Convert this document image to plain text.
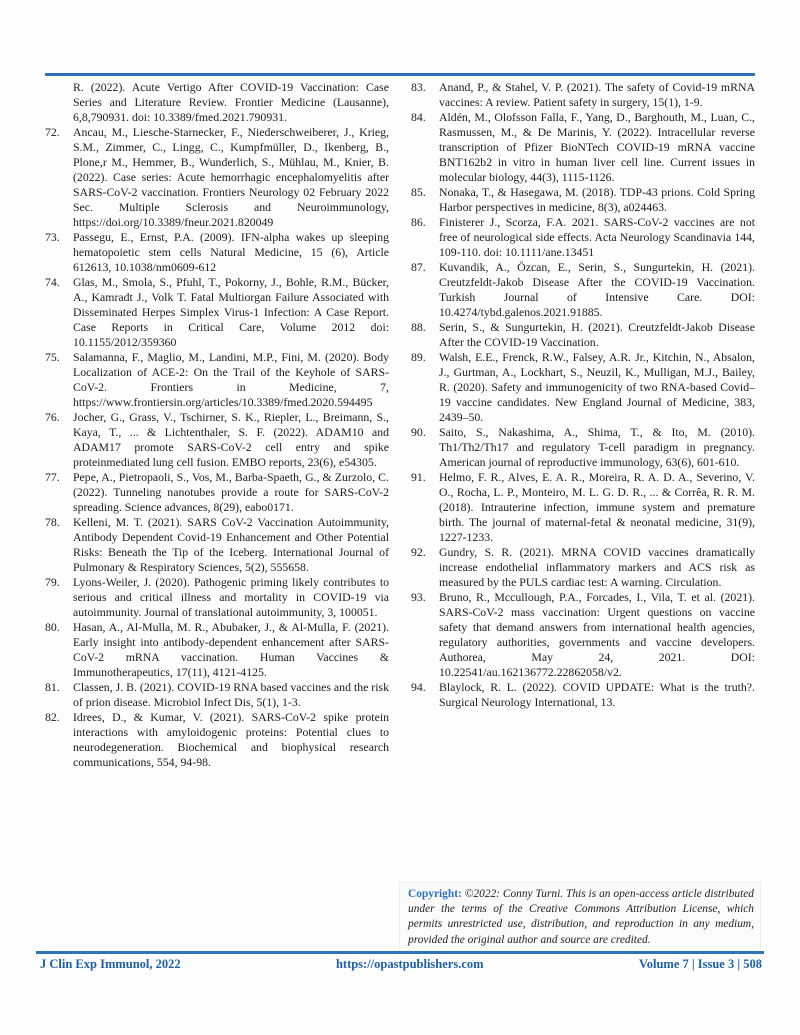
R. (2022). Acute Vertigo After COVID-19 Vaccination: Case Series and Literature Review. Frontier Medicine (Lausanne), 6,8,790931. doi: 10.3389/fmed.2021.790931.
72.	Ancau, M., Liesche-Starnecker, F., Niederschweiberer, J., Krieg, S.M., Zimmer, C., Lingg, C., Kumpfmüller, D., Ikenberg, B., Plone,r M., Hemmer, B., Wunderlich, S., Mühlau, M., Knier, B. (2022). Case series: Acute hemorrhagic encephalomyelitis after SARS-CoV-2 vaccination. Frontiers Neurology 02 February 2022 Sec. Multiple Sclerosis and Neuroimmunology, https://doi.org/10.3389/fneur.2021.820049
73.	Passegu, E., Ernst, P.A. (2009). IFN-alpha wakes up sleeping hematopoietic stem cells Natural Medicine, 15 (6), Article 612613, 10.1038/nm0609-612
74.	Glas, M., Smola, S., Pfuhl, T., Pokorny, J., Bohle, R.M., Bücker, A., Kamradt J., Volk T. Fatal Multiorgan Failure Associated with Disseminated Herpes Simplex Virus-1 Infection: A Case Report. Case Reports in Critical Care, Volume 2012 doi: 10.1155/2012/359360
75.	Salamanna, F., Maglio, M., Landini, M.P., Fini, M. (2020). Body Localization of ACE-2: On the Trail of the Keyhole of SARS-CoV-2. Frontiers in Medicine, 7, https://www.frontiersin.org/articles/10.3389/fmed.2020.594495
76.	Jocher, G., Grass, V., Tschirner, S. K., Riepler, L., Breimann, S., Kaya, T., ... & Lichtenthaler, S. F. (2022). ADAM10 and ADAM17 promote SARS-CoV-2 cell entry and spike proteinmediated lung cell fusion. EMBO reports, 23(6), e54305.
77.	Pepe, A., Pietropaoli, S., Vos, M., Barba-Spaeth, G., & Zurzolo, C. (2022). Tunneling nanotubes provide a route for SARS-CoV-2 spreading. Science advances, 8(29), eabo0171.
78.	Kelleni, M. T. (2021). SARS CoV-2 Vaccination Autoimmunity, Antibody Dependent Covid-19 Enhancement and Other Potential Risks: Beneath the Tip of the Iceberg. International Journal of Pulmonary & Respiratory Sciences, 5(2), 555658.
79.	Lyons-Weiler, J. (2020). Pathogenic priming likely contributes to serious and critical illness and mortality in COVID-19 via autoimmunity. Journal of translational autoimmunity, 3, 100051.
80.	Hasan, A., Al-Mulla, M. R., Abubaker, J., & Al-Mulla, F. (2021). Early insight into antibody-dependent enhancement after SARS-CoV-2 mRNA vaccination. Human Vaccines & Immunotherapeutics, 17(11), 4121-4125.
81.	Classen, J. B. (2021). COVID-19 RNA based vaccines and the risk of prion disease. Microbiol Infect Dis, 5(1), 1-3.
82.	Idrees, D., & Kumar, V. (2021). SARS-CoV-2 spike protein interactions with amyloidogenic proteins: Potential clues to neurodegeneration. Biochemical and biophysical research communications, 554, 94-98.
83.	Anand, P., & Stahel, V. P. (2021). The safety of Covid-19 mRNA vaccines: A review. Patient safety in surgery, 15(1), 1-9.
84.	Aldén, M., Olofsson Falla, F., Yang, D., Barghouth, M., Luan, C., Rasmussen, M., & De Marinis, Y. (2022). Intracellular reverse transcription of Pfizer BioNTech COVID-19 mRNA vaccine BNT162b2 in vitro in human liver cell line. Current issues in molecular biology, 44(3), 1115-1126.
85.	Nonaka, T., & Hasegawa, M. (2018). TDP-43 prions. Cold Spring Harbor perspectives in medicine, 8(3), a024463.
86.	Finisterer J., Scorza, F.A. 2021. SARS-CoV-2 vaccines are not free of neurological side effects. Acta Neurology Scandinavia 144, 109-110. doi: 10.1111/ane.13451
87.	Kuvandik, A., Özcan, E., Serin, S., Sungurtekin, H. (2021). Creutzfeldt-Jakob Disease After the COVID-19 Vaccination. Turkish Journal of Intensive Care. DOI: 10.4274/tybd.galenos.2021.91885.
88.	Serin, S., & Sungurtekin, H. (2021). Creutzfeldt-Jakob Disease After the COVID-19 Vaccination.
89.	Walsh, E.E., Frenck, R.W., Falsey, A.R. Jr., Kitchin, N., Absalon, J., Gurtman, A., Lockhart, S., Neuzil, K., Mulligan, M.J., Bailey, R. (2020). Safety and immunogenicity of two RNA-based Covid–19 vaccine candidates. New England Journal of Medicine, 383, 2439–50.
90.	Saito, S., Nakashima, A., Shima, T., & Ito, M. (2010). Th1/Th2/Th17 and regulatory T-cell paradigm in pregnancy. American journal of reproductive immunology, 63(6), 601-610.
91.	Helmo, F. R., Alves, E. A. R., Moreira, R. A. D. A., Severino, V. O., Rocha, L. P., Monteiro, M. L. G. D. R., ... & Corrêa, R. R. M. (2018). Intrauterine infection, immune system and premature birth. The journal of maternal-fetal & neonatal medicine, 31(9), 1227-1233.
92.	Gundry, S. R. (2021). MRNA COVID vaccines dramatically increase endothelial inflammatory markers and ACS risk as measured by the PULS cardiac test: A warning. Circulation.
93.	Bruno, R., Mccullough, P.A., Forcades, I., Vila, T. et al. (2021). SARS-CoV-2 mass vaccination: Urgent questions on vaccine safety that demand answers from international health agencies, regulatory authorities, governments and vaccine developers. Authorea, May 24, 2021. DOI: 10.22541/au.162136772.22862058/v2.
94.	Blaylock, R. L. (2022). COVID UPDATE: What is the truth?. Surgical Neurology International, 13.
Copyright: ©2022: Conny Turni. This is an open-access article distributed under the terms of the Creative Commons Attribution License, which permits unrestricted use, distribution, and reproduction in any medium, provided the original author and source are credited.
J Clin Exp Immunol, 2022	https://opastpublishers.com	Volume 7 | Issue 3 | 508
